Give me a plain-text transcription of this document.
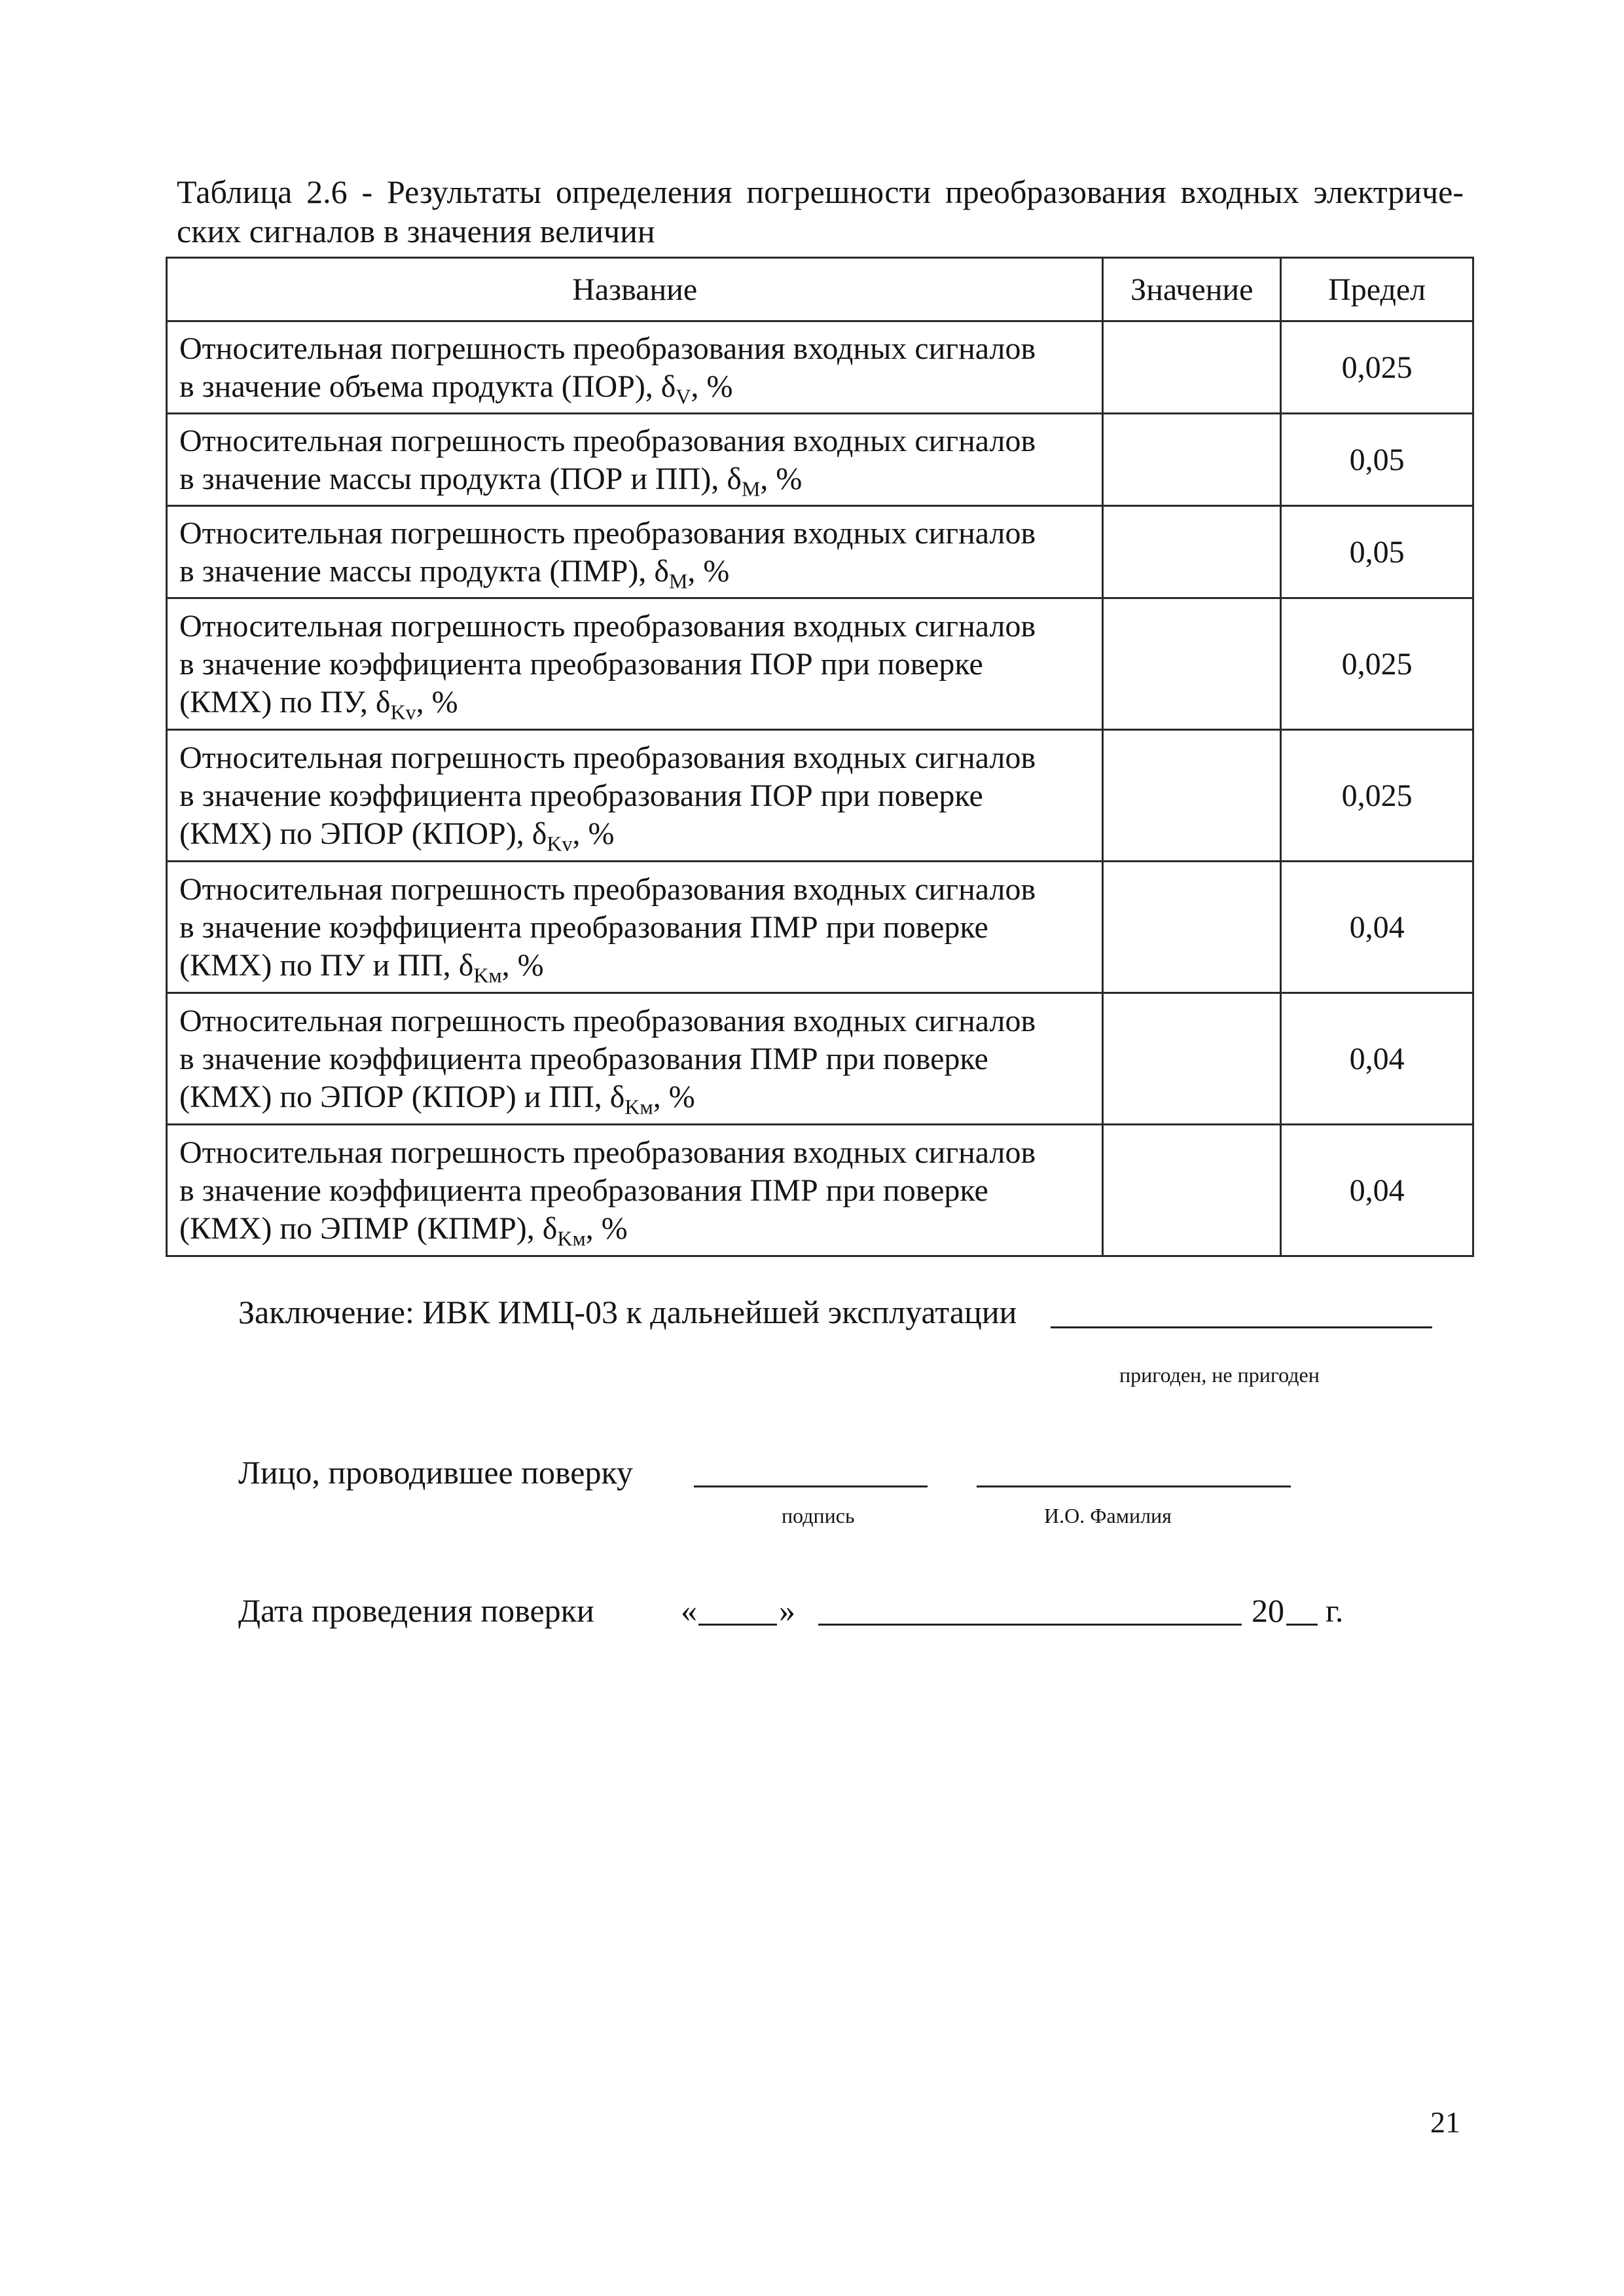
Таблица 2.6 - Результаты определения погрешности преобразования входных электриче-
ских сигналов в значения величин
Название	Значение	Предел
Относительная погрешность преобразования входных сигналов
в значение объема продукта (ПОР), $\delta_V$, %		0,025
Относительная погрешность преобразования входных сигналов
в значение массы продукта (ПОР и ПП), $\delta_M$, %		0,05
Относительная погрешность преобразования входных сигналов
в значение массы продукта (ПМР), $\delta_M$, %		0,05
Относительная погрешность преобразования входных сигналов
в значение коэффициента преобразования ПОР при поверке
(КМХ) по ПУ, $\delta_{Kv}$, %		0,025
Относительная погрешность преобразования входных сигналов
в значение коэффициента преобразования ПОР при поверке
(КМХ) по ЭПОР (КПОР), $\delta_{Kv}$, %		0,025
Относительная погрешность преобразования входных сигналов
в значение коэффициента преобразования ПМР при поверке
(КМХ) по ПУ и ПП, $\delta_{Kм}$, %		0,04
Относительная погрешность преобразования входных сигналов
в значение коэффициента преобразования ПМР при поверке
(КМХ) по ЭПОР (КПОР) и ПП, $\delta_{Kм}$, %		0,04
Относительная погрешность преобразования входных сигналов
в значение коэффициента преобразования ПМР при поверке
(КМХ) по ЭПМР (КПМР), $\delta_{Kм}$, %		0,04
Заключение: ИВК ИМЦ-03 к дальнейшей эксплуатации
пригоден, не пригоден
Лицо, проводившее поверку
подпись	И.О. Фамилия
Дата проведения поверки	«	»	20 г.
21
